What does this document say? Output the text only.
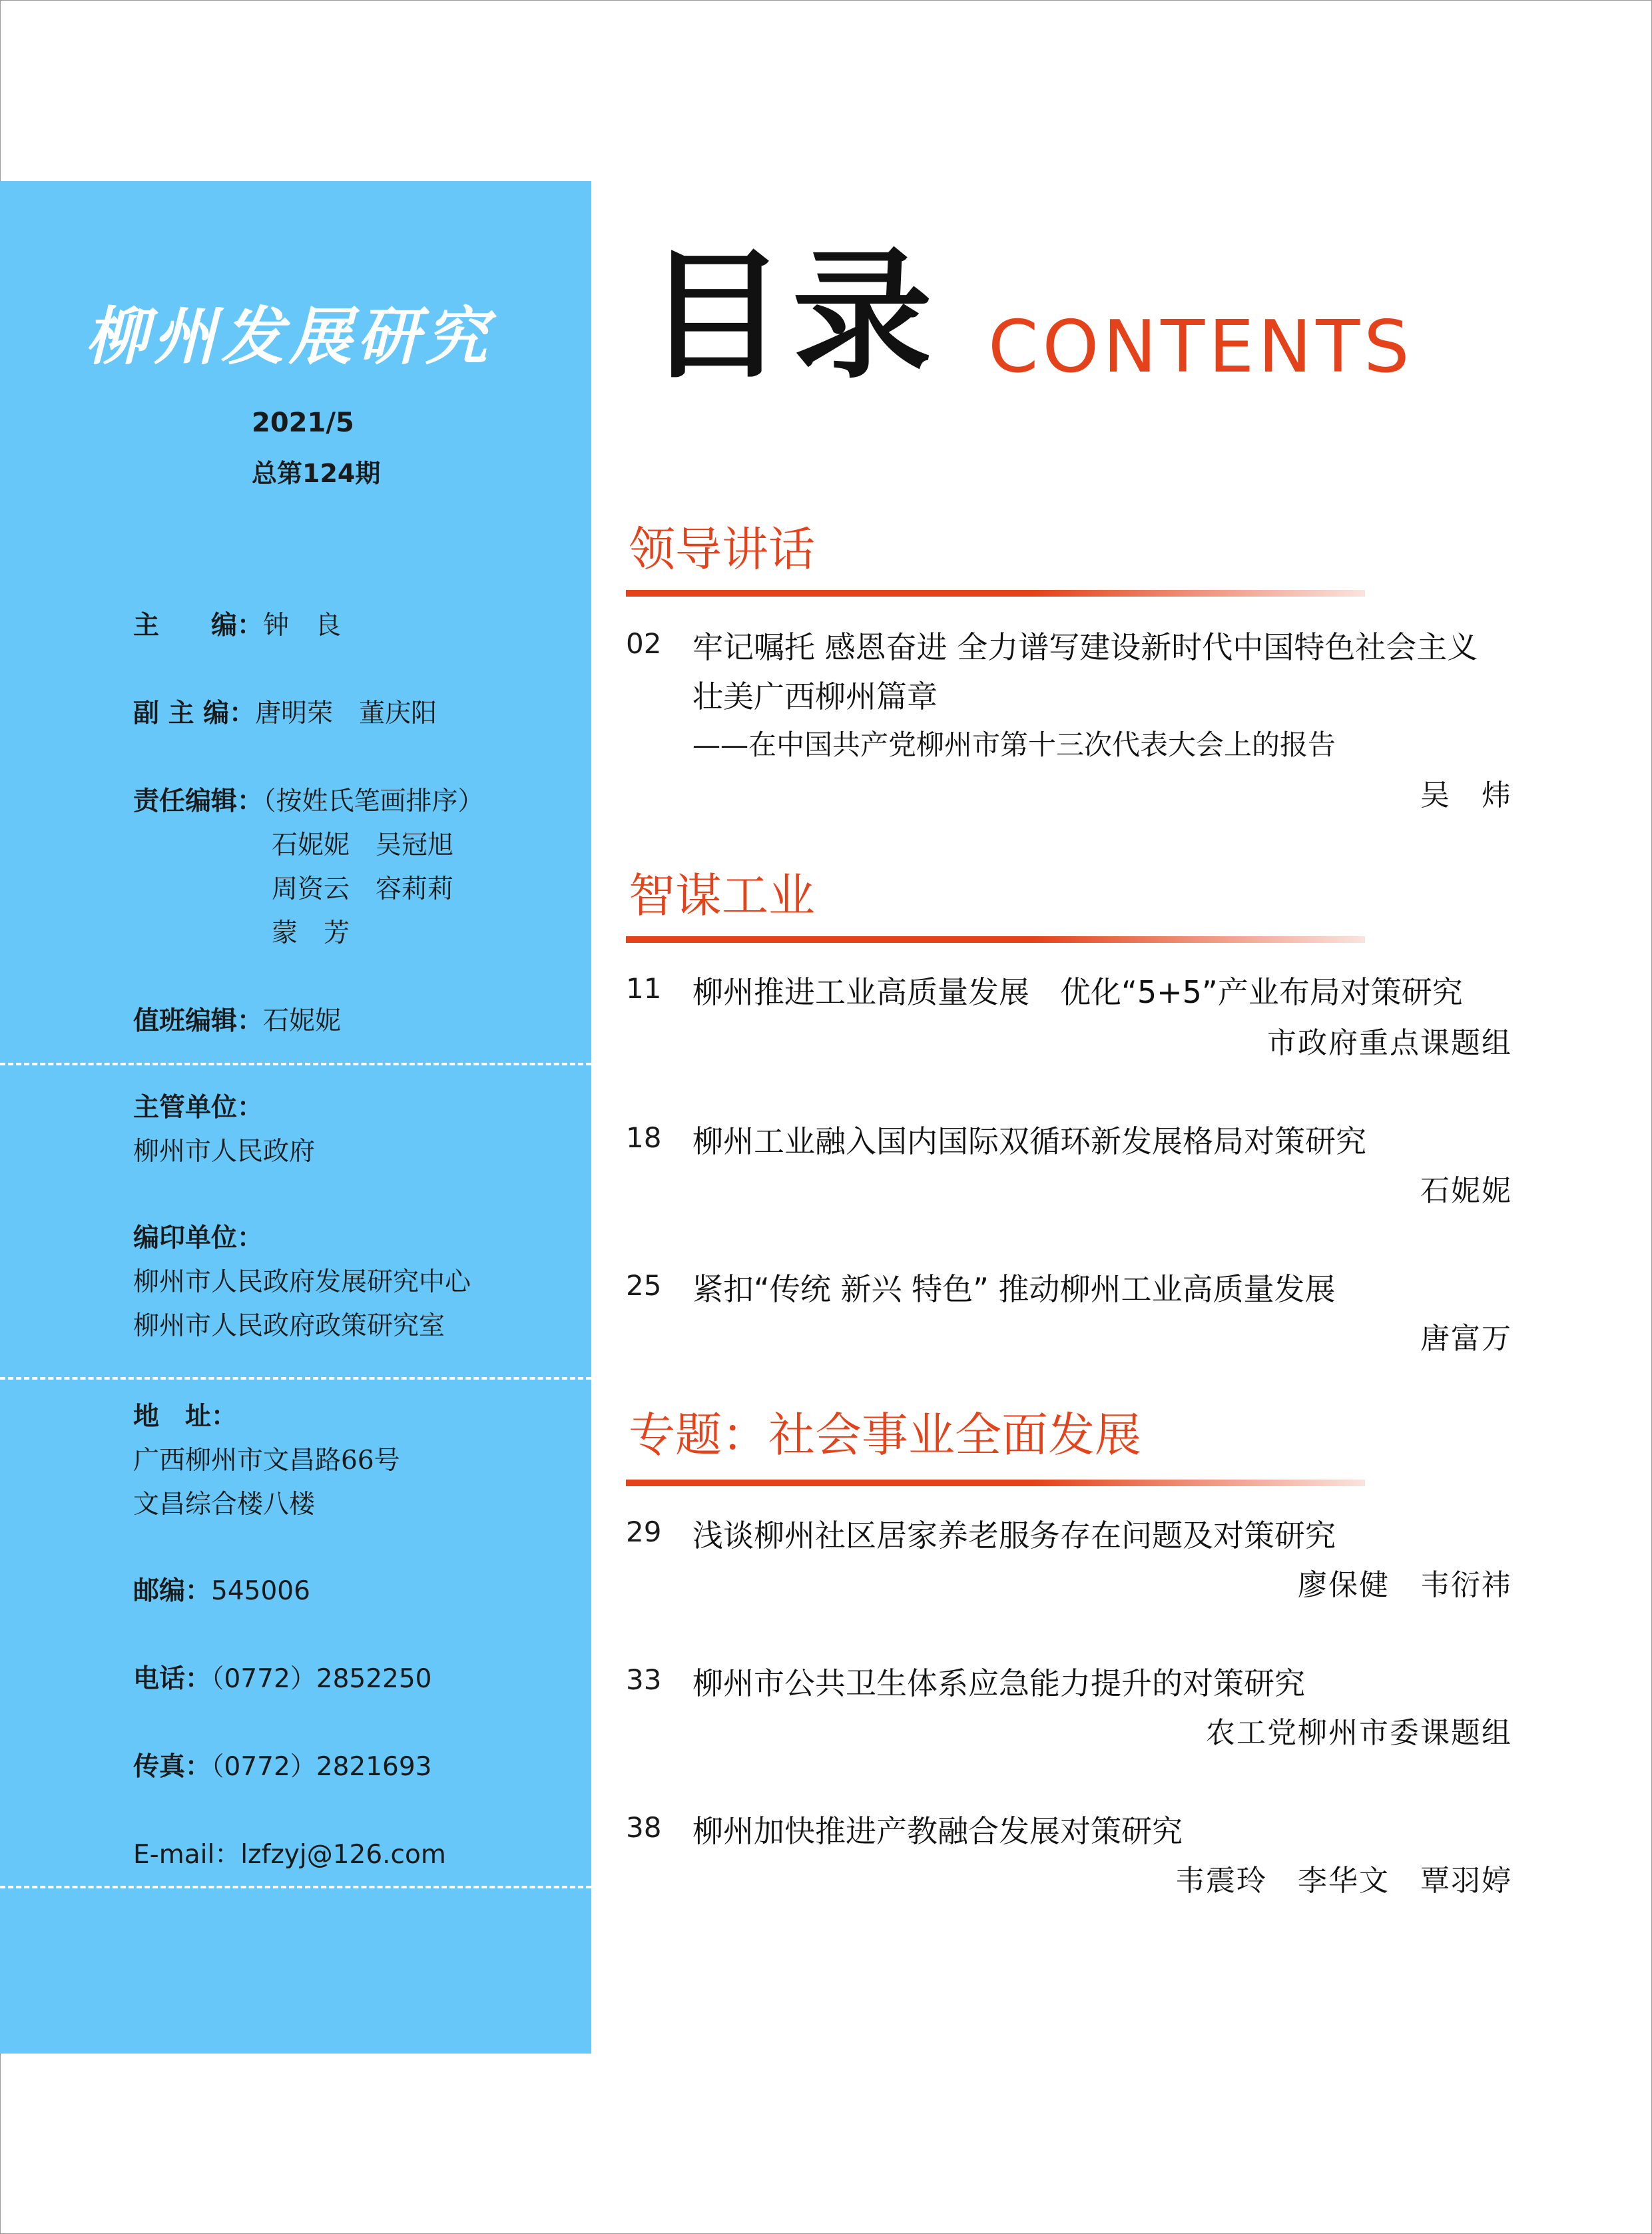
柳州发展研究
2021/5
总第124期
主　　编：钟　良
副 主 编：唐明荣　董庆阳
责任编辑：（按姓氏笔画排序）
石妮妮　吴冠旭
周资云　容莉莉
蒙　芳
值班编辑：石妮妮
主管单位：
柳州市人民政府
编印单位：
柳州市人民政府发展研究中心
柳州市人民政府政策研究室
地　址：
广西柳州市文昌路66号
文昌综合楼八楼
邮编：545006
电话：（0772）2852250
传真：（0772）2821693
E-mail：lzfzyj@126.com
目录 CONTENTS
领导讲话
02 牢记嘱托 感恩奋进 全力谱写建设新时代中国特色社会主义
壮美广西柳州篇章
——在中国共产党柳州市第十三次代表大会上的报告
吴　炜
智谋工业
11 柳州推进工业高质量发展　优化“5+5”产业布局对策研究
市政府重点课题组
18 柳州工业融入国内国际双循环新发展格局对策研究
石妮妮
25 紧扣“传统 新兴 特色” 推动柳州工业高质量发展
唐富万
专题：社会事业全面发展
29 浅谈柳州社区居家养老服务存在问题及对策研究
廖保健　韦衍祎
33 柳州市公共卫生体系应急能力提升的对策研究
农工党柳州市委课题组
38 柳州加快推进产教融合发展对策研究
韦震玲　李华文　覃羽婷
